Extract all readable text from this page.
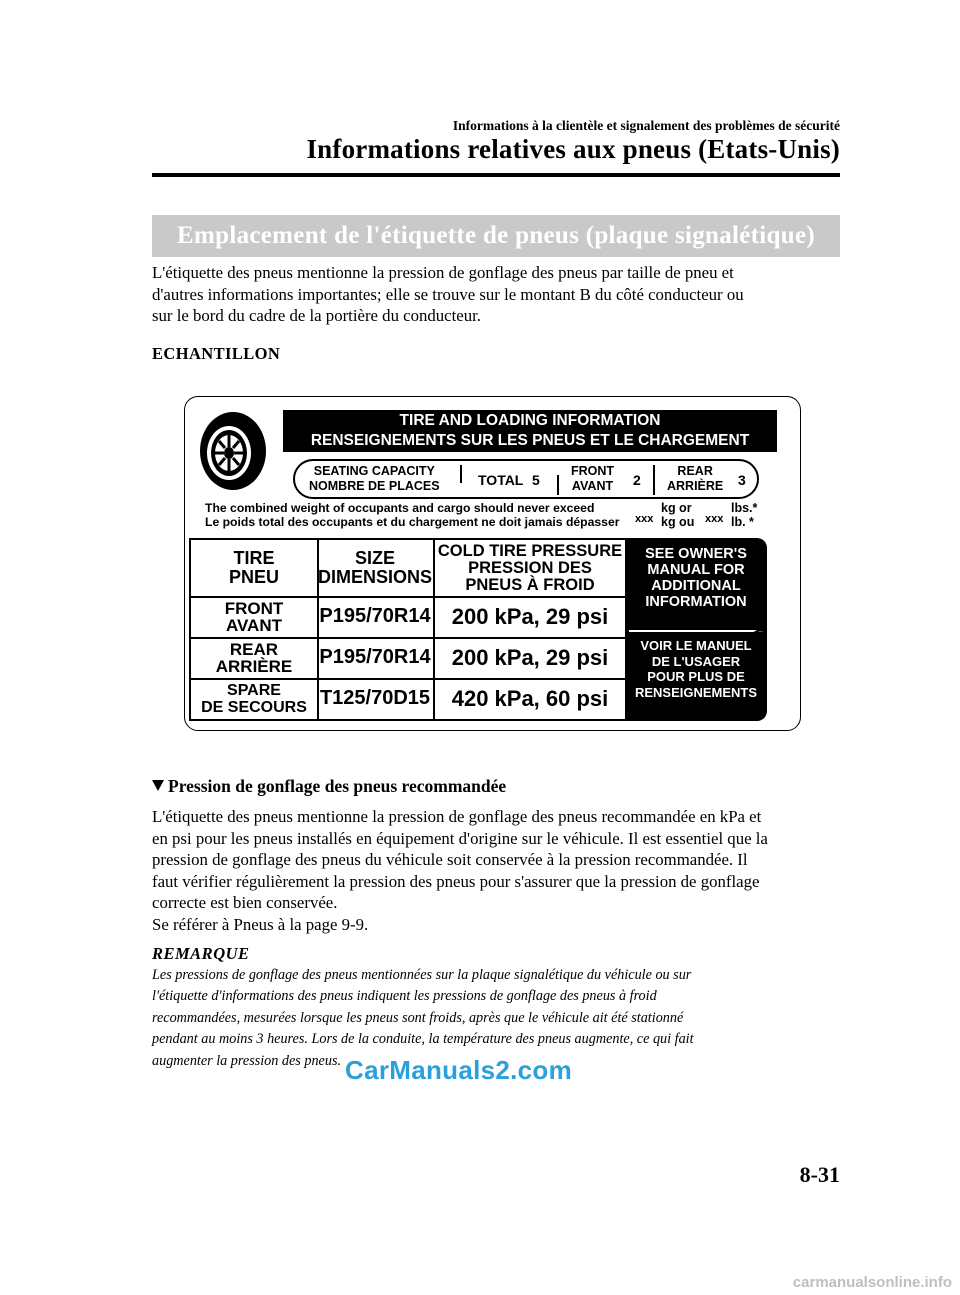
Informations à la clientèle et signalement des problèmes de sécurité
Informations relatives aux pneus (Etats-Unis)
Emplacement de l'étiquette de pneus (plaque signalétique)
L'étiquette des pneus mentionne la pression de gonflage des pneus par taille de pneu et
d'autres informations importantes; elle se trouve sur le montant B du côté conducteur ou
sur le bord du cadre de la portière du conducteur.
ECHANTILLON
TIRE AND LOADING INFORMATION
RENSEIGNEMENTS SUR LES PNEUS ET LE CHARGEMENT
SEATING CAPACITY
NOMBRE DE PLACES	TOTAL 5
FRONT
AVANT 2
REAR
ARRIÈRE 3
The combined weight of occupants and cargo should never exceed
Le poids total des occupants et du chargement ne doit jamais dépasser xxx
kg or
kg ou xxx
lbs.*
lb. *
TIRE
PNEU
SIZE
DIMENSIONS
COLD TIRE PRESSURE
PRESSION DES
PNEUS À FROID
FRONT
AVANT P195/70R14 200 kPa, 29 psi
REAR
ARRIÈRE P195/70R14 200 kPa, 29 psi
SPARE
DE SECOURS T125/70D15 420 kPa, 60 psi
SEE OWNER'S
MANUAL FOR
ADDITIONAL
INFORMATION
VOIR LE MANUEL
DE L'USAGER
POUR PLUS DE
RENSEIGNEMENTS
(XXXX)
Pression de gonflage des pneus recommandée
L'étiquette des pneus mentionne la pression de gonflage des pneus recommandée en kPa et
en psi pour les pneus installés en équipement d'origine sur le véhicule. Il est essentiel que la
pression de gonflage des pneus du véhicule soit conservée à la pression recommandée. Il
faut vérifier régulièrement la pression des pneus pour s'assurer que la pression de gonflage
correcte est bien conservée.
Se référer à Pneus à la page 9-9.
REMARQUE
Les pressions de gonflage des pneus mentionnées sur la plaque signalétique du véhicule ou sur
l'étiquette d'informations des pneus indiquent les pressions de gonflage des pneus à froid
recommandées, mesurées lorsque les pneus sont froids, après que le véhicule ait été stationné
pendant au moins 3 heures. Lors de la conduite, la température des pneus augmente, ce qui fait
augmenter la pression des pneus. CarManuals2.com
8-31
carmanualsonline.info
